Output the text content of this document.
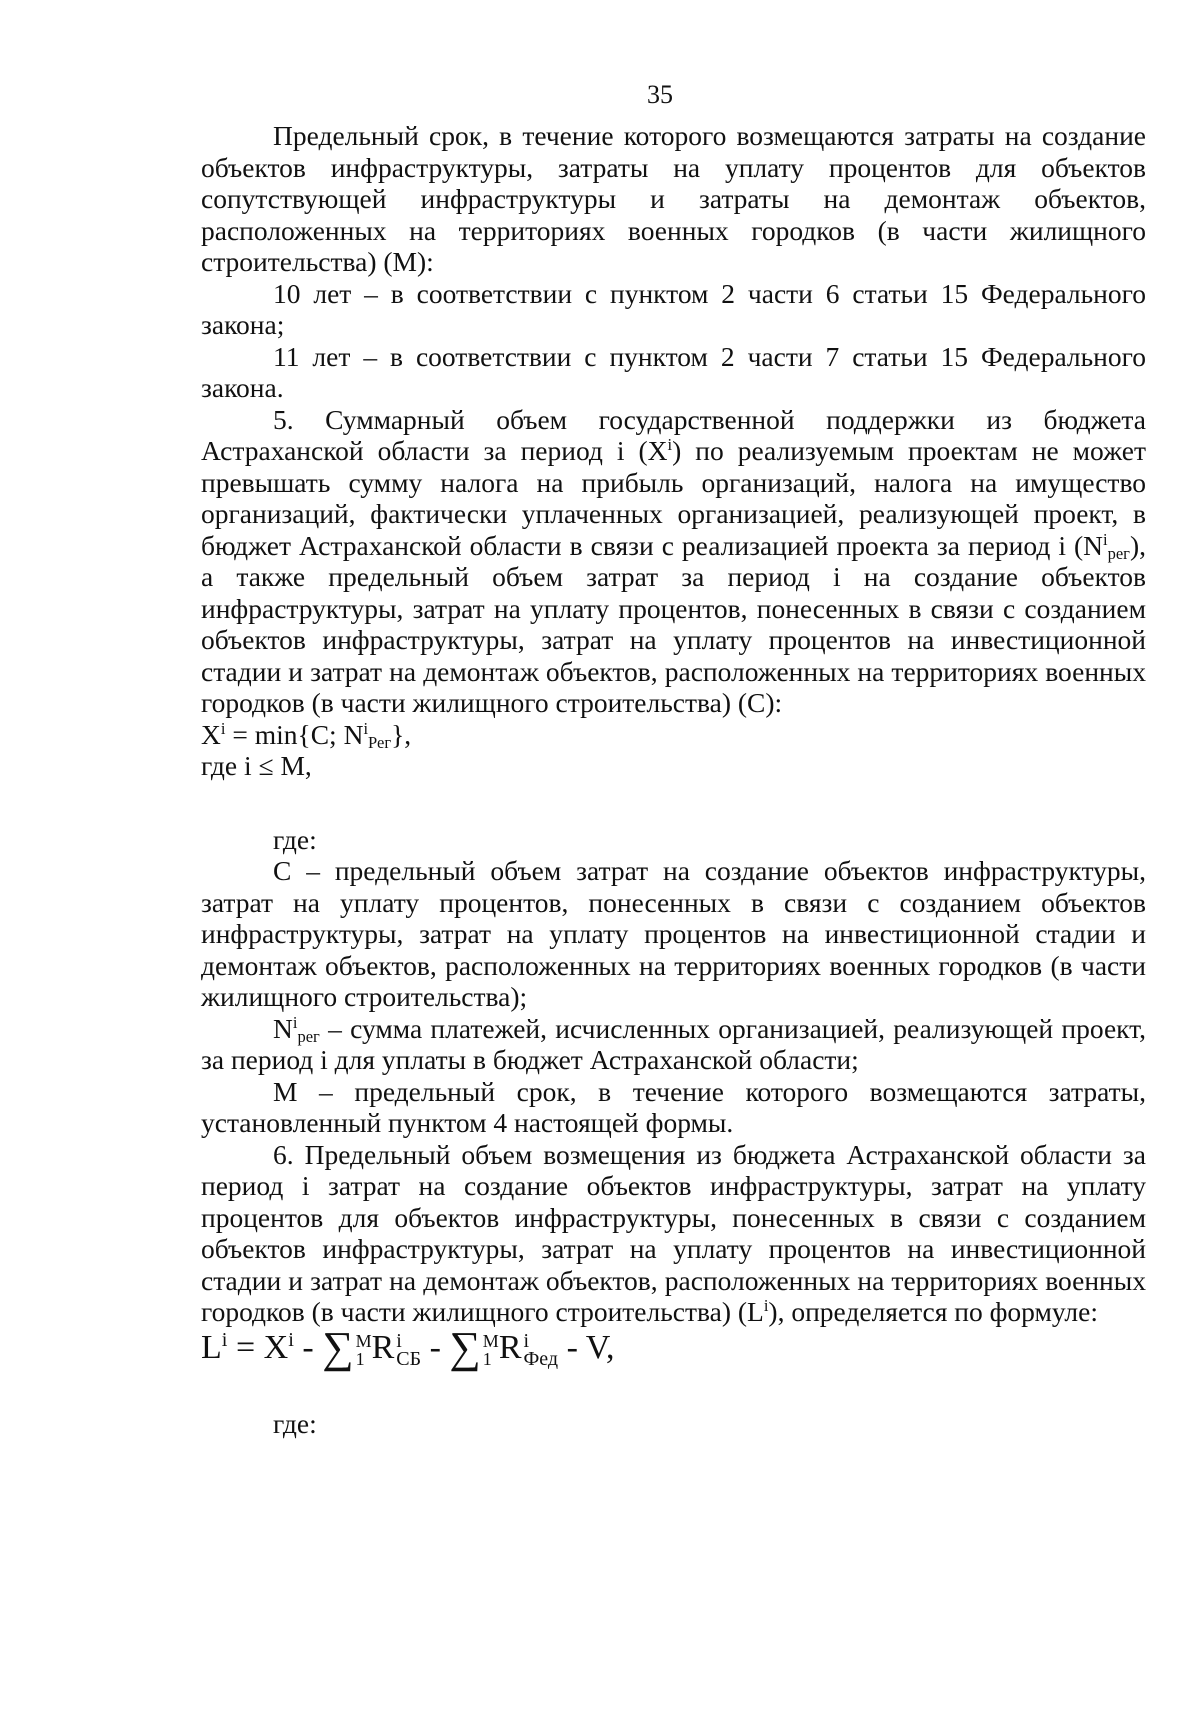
35

Предельный срок, в течение которого возмещаются затраты на создание объектов инфраструктуры, затраты на уплату процентов для объектов сопутствующей инфраструктуры и затраты на демонтаж объектов, расположенных на территориях военных городков (в части жилищного строительства) (М):

10 лет – в соответствии с пунктом 2 части 6 статьи 15 Федерального закона;

11 лет – в соответствии с пунктом 2 части 7 статьи 15 Федерального закона.

5. Суммарный объем государственной поддержки из бюджета Астраханской области за период i $(X^i)$ по реализуемым проектам не может превышать сумму налога на прибыль организаций, налога на имущество организаций, фактически уплаченных организацией, реализующей проект, в бюджет Астраханской области в связи с реализацией проекта за период i $(N^i_{рег})$, а также предельный объем затрат за период i на создание объектов инфраструктуры, затрат на уплату процентов, понесенных в связи с созданием объектов инфраструктуры, затрат на уплату процентов на инвестиционной стадии и затрат на демонтаж объектов, расположенных на территориях военных городков (в части жилищного строительства) (С):

$X^i = \min\{C$; $N^i_{Рег}$},

где i ≤ M,

где:

С – предельный объем затрат на создание объектов инфраструктуры, затрат на уплату процентов, понесенных в связи с созданием объектов инфраструктуры, затрат на уплату процентов на инвестиционной стадии и демонтаж объектов, расположенных на территориях военных городков (в части жилищного строительства);

$N^i_{рег}$ – сумма платежей, исчисленных организацией, реализующей проект, за период i для уплаты в бюджет Астраханской области;

М – предельный срок, в течение которого возмещаются затраты, установленный пунктом 4 настоящей формы.

6. Предельный объем возмещения из бюджета Астраханской области за период i затрат на создание объектов инфраструктуры, затрат на уплату процентов для объектов инфраструктуры, понесенных в связи с созданием объектов инфраструктуры, затрат на уплату процентов на инвестиционной стадии и затрат на демонтаж объектов, расположенных на территориях военных городков (в части жилищного строительства) $(L^i)$, определяется по формуле:

$L^i = X^i$ - ∑ M
1 R i
СБ - ∑ M
1 R i
Фед - V,

где:
